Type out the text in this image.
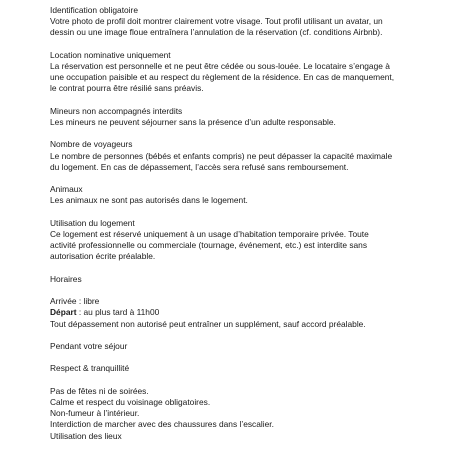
Identification obligatoire
Votre photo de profil doit montrer clairement votre visage. Tout profil utilisant un avatar, un
dessin ou une image floue entraînera l’annulation de la réservation (cf. conditions Airbnb).
Location nominative uniquement
La réservation est personnelle et ne peut être cédée ou sous-louée. Le locataire s’engage à
une occupation paisible et au respect du règlement de la résidence. En cas de manquement,
le contrat pourra être résilié sans préavis.
Mineurs non accompagnés interdits
Les mineurs ne peuvent séjourner sans la présence d’un adulte responsable.
Nombre de voyageurs
Le nombre de personnes (bébés et enfants compris) ne peut dépasser la capacité maximale
du logement. En cas de dépassement, l’accès sera refusé sans remboursement.
Animaux
Les animaux ne sont pas autorisés dans le logement.
Utilisation du logement
Ce logement est réservé uniquement à un usage d’habitation temporaire privée. Toute
activité professionnelle ou commerciale (tournage, événement, etc.) est interdite sans
autorisation écrite préalable.
Horaires
Arrivée : libre
Départ : au plus tard à 11h00
Tout dépassement non autorisé peut entraîner un supplément, sauf accord préalable.
Pendant votre séjour
Respect & tranquillité
Pas de fêtes ni de soirées.
Calme et respect du voisinage obligatoires.
Non-fumeur à l’intérieur.
Interdiction de marcher avec des chaussures dans l’escalier.
Utilisation des lieux
